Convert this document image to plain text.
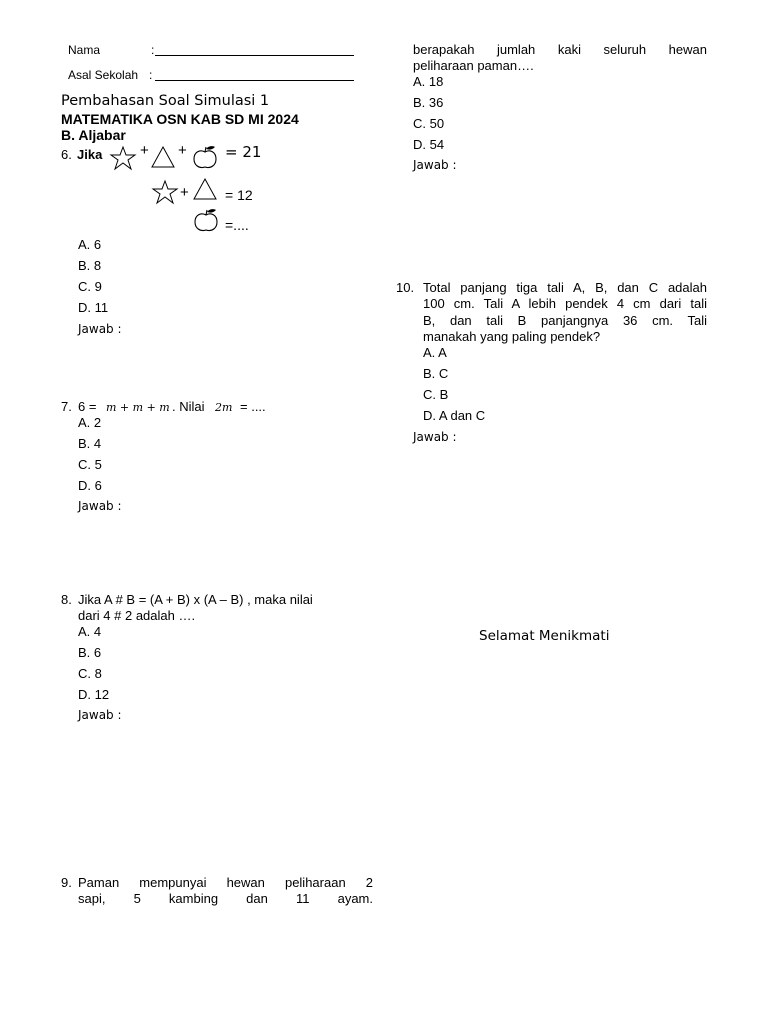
Nama	:
Asal Sekolah :
Pembahasan Soal Simulasi 1
MATEMATIKA OSN KAB SD MI 2024
B. Aljabar
6. Jika	+ +	= 21
+	= 12
=....
A. 6
B. 8
C. 9
D. 11
Jawab :
7. 6 = m + m + m . Nilai 2m = ....
A. 2
B. 4
C. 5
D. 6
Jawab :
8. Jika A # B = (A + B) x (A – B) , maka nilai
dari 4 # 2 adalah ….
A. 4
B. 6
C. 8
D. 12
Jawab :
9. Paman mempunyai hewan peliharaan 2
sapi, 5 kambing dan 11 ayam.
berapakah jumlah kaki seluruh hewan
peliharaan paman….
A. 18
B. 36
C. 50
D. 54
Jawab :
10. Total panjang tiga tali A, B, dan C adalah
100 cm. Tali A lebih pendek 4 cm dari tali
B, dan tali B panjangnya 36 cm. Tali
manakah yang paling pendek?
A. A
B. C
C. B
D. A dan C
Jawab :
Selamat Menikmati
